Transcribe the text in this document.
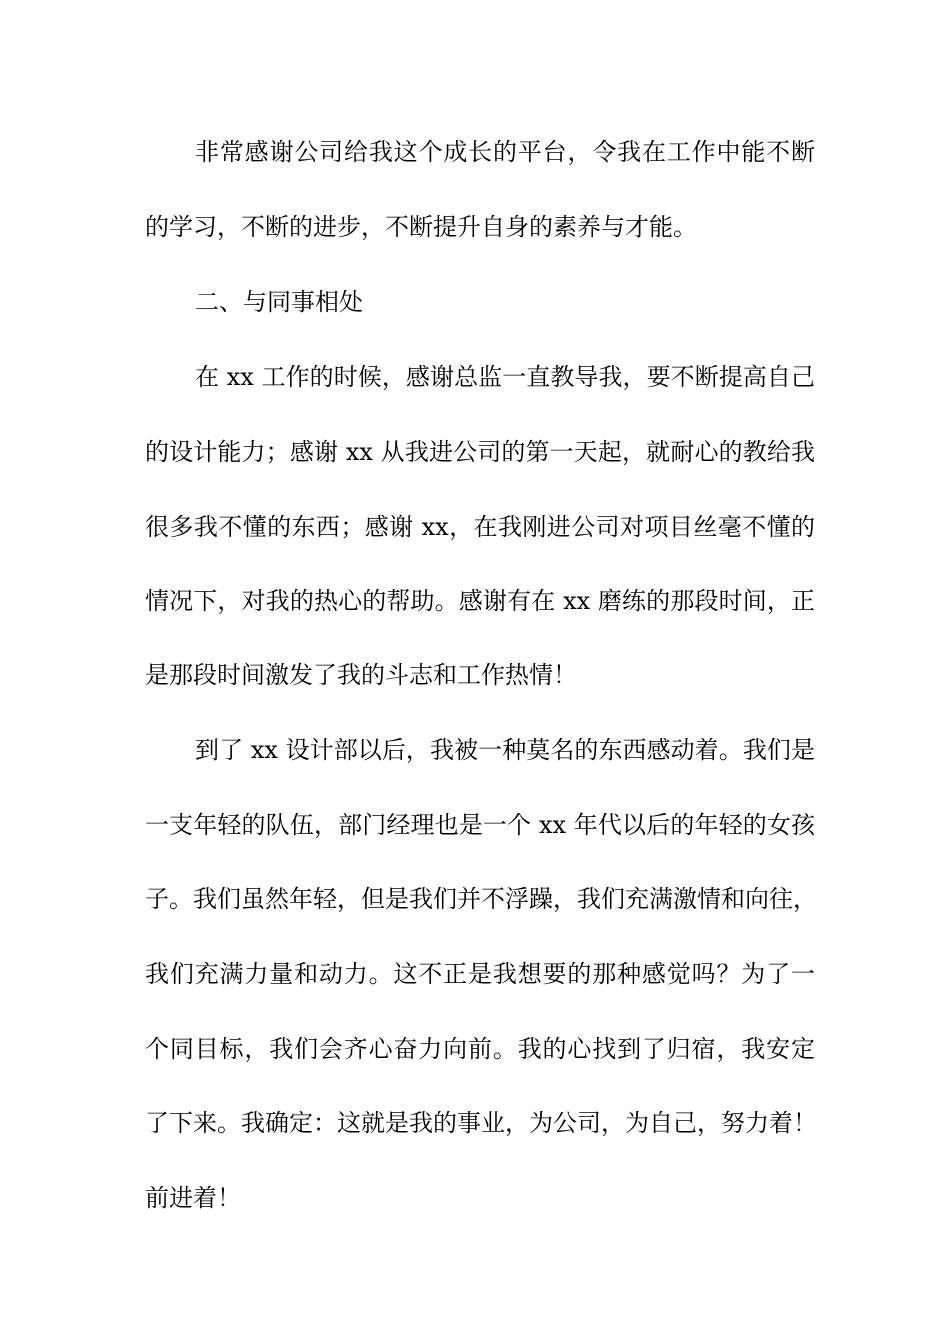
非常感谢公司给我这个成长的平台，令我在工作中能不断
的学习，不断的进步，不断提升自身的素养与才能。
二、与同事相处
在 xx 工作的时候，感谢总监一直教导我，要不断提高自己
的设计能力；感谢 xx 从我进公司的第一天起，就耐心的教给我
很多我不懂的东西；感谢 xx，在我刚进公司对项目丝毫不懂的
情况下，对我的热心的帮助。感谢有在 xx 磨练的那段时间，正
是那段时间激发了我的斗志和工作热情！
到了 xx 设计部以后，我被一种莫名的东西感动着。我们是
一支年轻的队伍，部门经理也是一个 xx 年代以后的年轻的女孩
子。我们虽然年轻，但是我们并不浮躁，我们充满激情和向往，
我们充满力量和动力。这不正是我想要的那种感觉吗？为了一
个同目标，我们会齐心奋力向前。我的心找到了归宿，我安定
了下来。我确定：这就是我的事业，为公司，为自己，努力着！
前进着！
